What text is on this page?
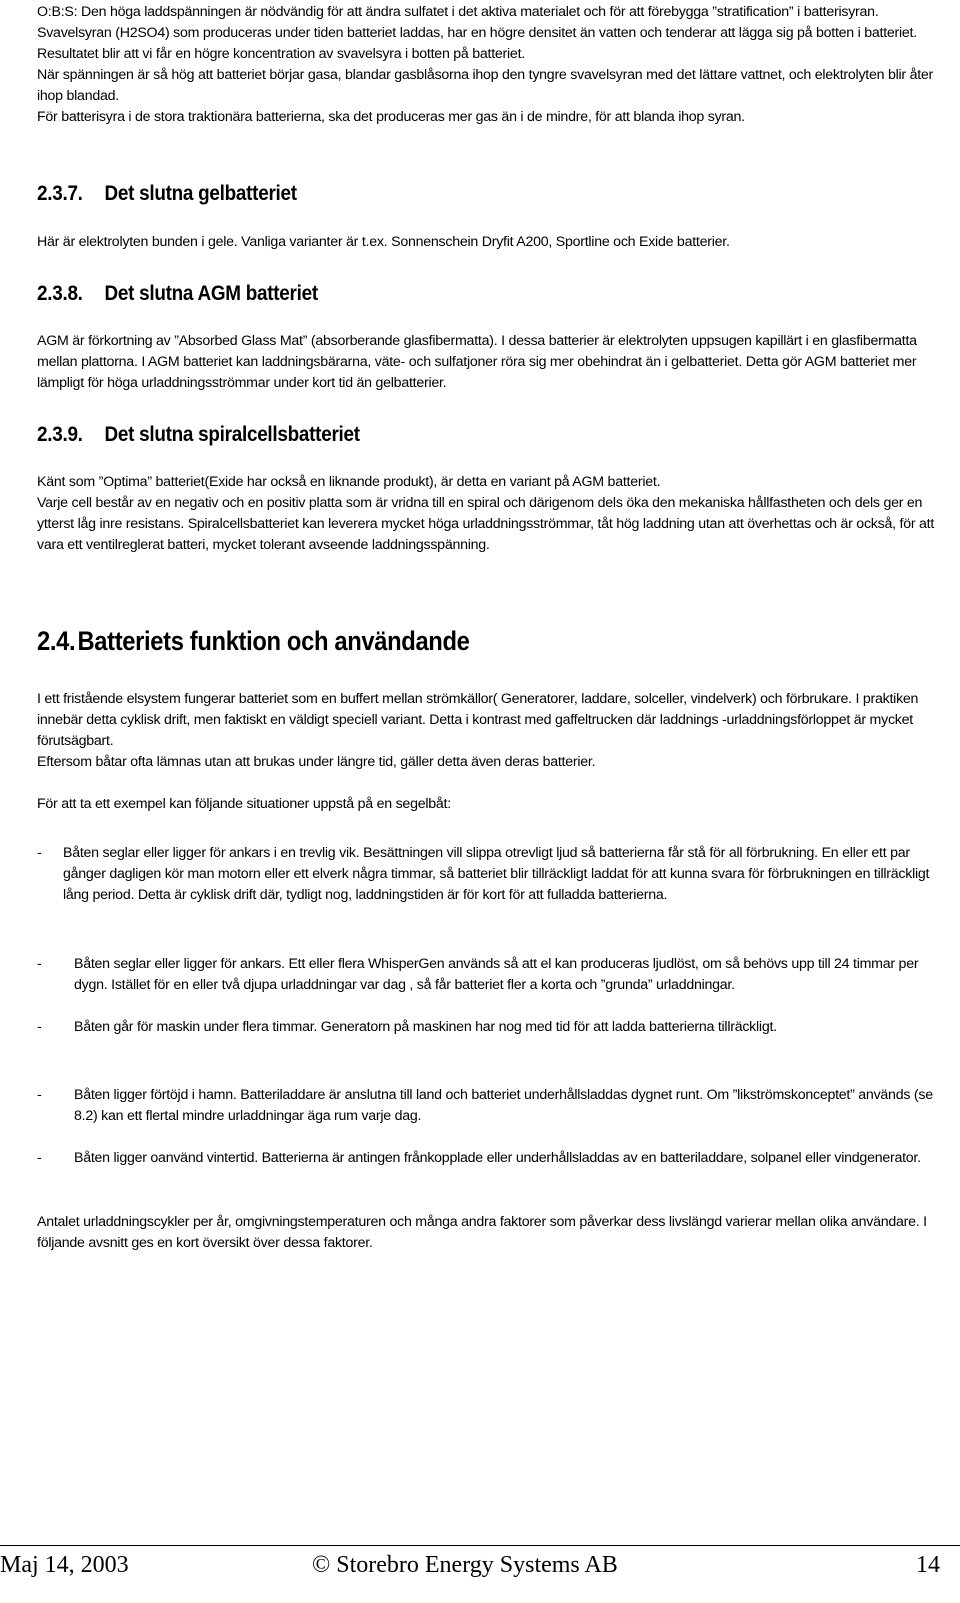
O:B:S: Den höga laddspänningen är nödvändig för att ändra sulfatet i det aktiva materialet och för att förebygga ”stratification” i batterisyran. Svavelsyran (H2SO4) som produceras under tiden batteriet laddas, har en högre densitet än vatten och tenderar att lägga sig på botten i batteriet. Resultatet blir att vi får en högre koncentration av svavelsyra i botten på batteriet.
När spänningen är så hög att batteriet börjar gasa, blandar gasblåsorna ihop den tyngre svavelsyran med det lättare vattnet, och elektrolyten blir åter ihop blandad.
För batterisyra i de stora traktionära batterierna, ska det produceras mer gas än i de mindre, för att blanda ihop syran.
2.3.7. Det slutna gelbatteriet
Här är elektrolyten bunden i gele. Vanliga varianter är t.ex. Sonnenschein Dryfit A200, Sportline och Exide batterier.
2.3.8. Det slutna AGM batteriet
AGM är förkortning av ”Absorbed Glass Mat” (absorberande glasfibermatta). I dessa batterier är elektrolyten uppsugen kapillärt i en glasfibermatta mellan plattorna. I AGM batteriet kan laddningsbärarna, väte- och sulfatjoner röra sig mer obehindrat än i gelbatteriet. Detta gör AGM batteriet mer lämpligt för höga urladdningsströmmar under kort tid än gelbatterier.
2.3.9. Det slutna spiralcellsbatteriet
Känt som ”Optima” batteriet(Exide har också en liknande produkt), är detta en variant på AGM batteriet.
Varje cell består av en negativ och en positiv platta som är vridna till en spiral och därigenom dels öka den mekaniska hållfastheten och dels ger en ytterst låg inre resistans. Spiralcellsbatteriet kan leverera mycket höga urladdningsströmmar, tåt hög laddning utan att överhettas och är också, för att vara ett ventilreglerat batteri, mycket tolerant avseende laddningsspänning.
2.4.Batteriets funktion och användande
I ett fristående elsystem fungerar batteriet som en buffert mellan strömkällor( Generatorer, laddare, solceller, vindelverk) och förbrukare. I praktiken innebär detta cyklisk drift, men faktiskt en väldigt speciell variant. Detta i kontrast med gaffeltrucken där laddnings -urladdningsförloppet är mycket förutsägbart.
Eftersom båtar ofta lämnas utan att brukas under längre tid, gäller detta även deras batterier.
För att ta ett exempel kan följande situationer uppstå på en segelbåt:
-	Båten seglar eller ligger för ankars i en trevlig vik. Besättningen vill slippa otrevligt ljud så batterierna får stå för all förbrukning. En eller ett par gånger dagligen kör man motorn eller ett elverk några timmar, så batteriet blir tillräckligt laddat för att kunna svara för förbrukningen en tillräckligt lång period. Detta är cyklisk drift där, tydligt nog, laddningstiden är för kort för att fulladda batterierna.
-	Båten seglar eller ligger för ankars. Ett eller flera WhisperGen används så att el kan produceras ljudlöst, om så behövs upp till 24 timmar per dygn. Istället för en eller två djupa urladdningar var dag , så får batteriet fler a korta och ”grunda” urladdningar.
-	Båten går för maskin under flera timmar. Generatorn på maskinen har nog med tid för att ladda batterierna tillräckligt.
-	Båten ligger förtöjd i hamn. Batteriladdare är anslutna till land och batteriet underhållsladdas dygnet runt. Om ”likströmskonceptet” används (se 8.2) kan ett flertal mindre urladdningar äga rum varje dag.
-	Båten ligger oanvänd vintertid. Batterierna är antingen frånkopplade eller underhållsladdas av en batteriladdare, solpanel eller vindgenerator.
Antalet urladdningscykler per år, omgivningstemperaturen och många andra faktorer som påverkar dess livslängd varierar mellan olika användare. I följande avsnitt ges en kort översikt över dessa faktorer.
Maj 14, 2003	© Storebro Energy Systems AB	14
